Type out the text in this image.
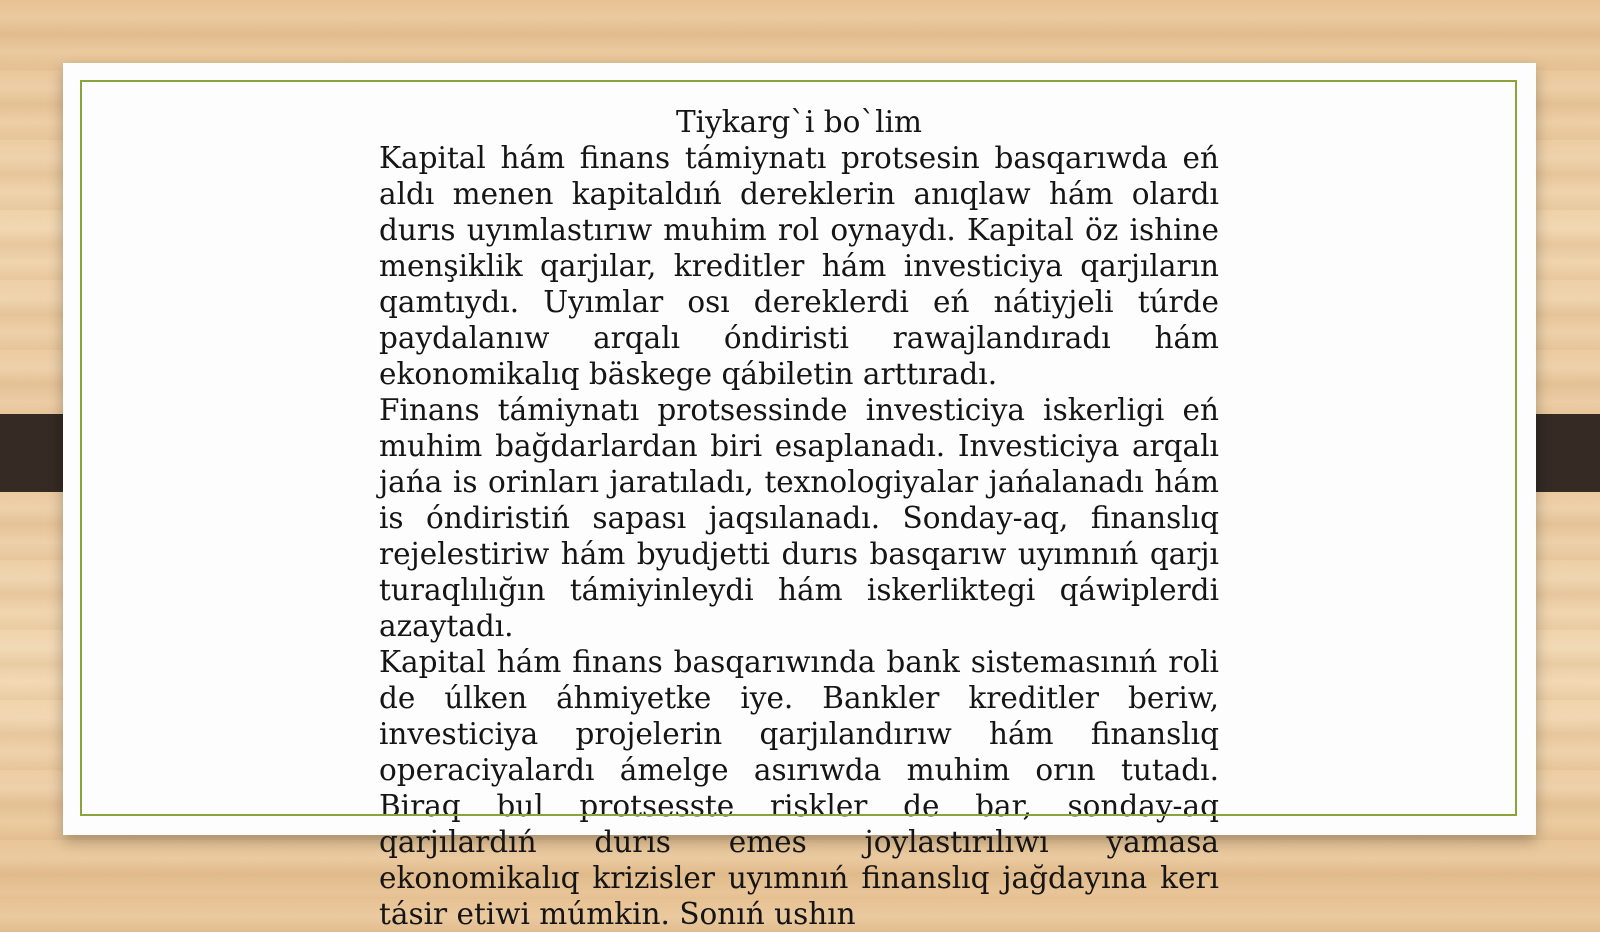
Tiykarg`i bo`lim

Kapital hám finans támiynatı protsesin basqarıwda eń aldı menen kapitaldıń dereklerin anıqlaw hám olardı durıs uyımlastırıw muhim rol oynaydı. Kapital öz ishine menşiklik qarjılar, kreditler hám investiciya qarjıların qamtıydı. Uyımlar osı dereklerdi eń nátiyjeli túrde paydalanıw arqalı óndiristi rawajlandıradı hám ekonomikalıq bäskege qábiletin arttıradı.

Finans támiynatı protsessinde investiciya iskerligi eń muhim bağdarlardan biri esaplanadı. Investiciya arqalı jańa is orinları jaratıladı, texnologiyalar jańalanadı hám is óndiristiń sapası jaqsılanadı. Sonday-aq, finanslıq rejelestiriw hám byudjetti durıs basqarıw uyımnıń qarjı turaqlılığın támiyinleydi hám iskerliktegi qáwiplerdi azaytadı.

Kapital hám finans basqarıwında bank sistemasınıń roli de úlken áhmiyetke iye. Bankler kreditler beriw, investiciya projelerin qarjılandırıw hám finanslıq operaciyalardı ámelge asırıwda muhim orın tutadı. Biraq bul protsesste riskler de bar, sonday-aq qarjılardıń durıs emes joylastırılıwı yamasa ekonomikalıq krizisler uyımnıń finanslıq jağdayına kerı tásir etiwi múmkin. Sonıń ushın
